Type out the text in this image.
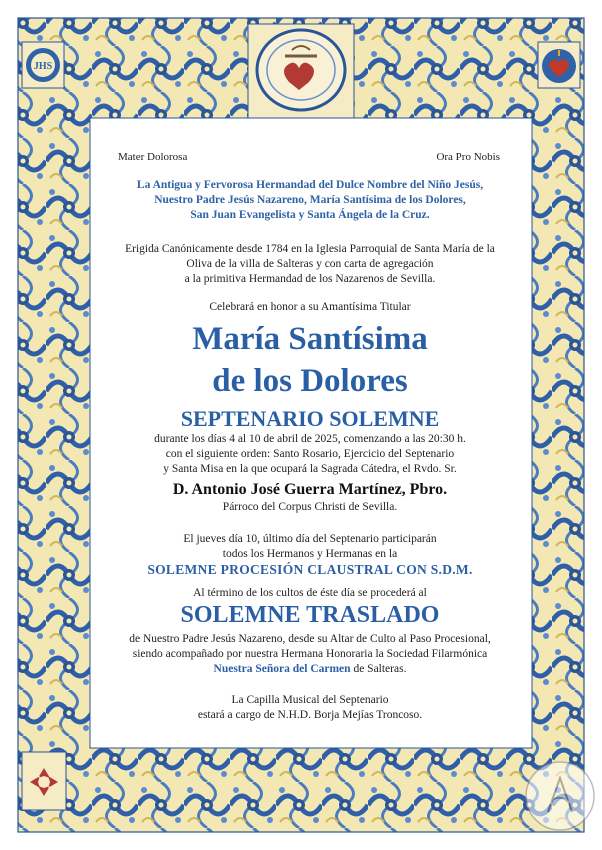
JHS
Mater Dolorosa	Ora Pro Nobis
La Antigua y Fervorosa Hermandad del Dulce Nombre del Niño Jesús,
Nuestro Padre Jesús Nazareno, María Santísima de los Dolores,
San Juan Evangelista y Santa Ángela de la Cruz.
Erigida Canónicamente desde 1784 en la Iglesia Parroquial de Santa María de la
Oliva de la villa de Salteras y con carta de agregación
a la primitiva Hermandad de los Nazarenos de Sevilla.
Celebrará en honor a su Amantísima Titular
María Santísima
de los Dolores
SEPTENARIO SOLEMNE
durante los días 4 al 10 de abril de 2025, comenzando a las 20:30 h.
con el siguiente orden: Santo Rosario, Ejercicio del Septenario
y Santa Misa en la que ocupará la Sagrada Cátedra, el Rvdo. Sr.
D. Antonio José Guerra Martínez, Pbro.
Párroco del Corpus Christi de Sevilla.
El jueves día 10, último día del Septenario participarán
todos los Hermanos y Hermanas en la
SOLEMNE PROCESIÓN CLAUSTRAL CON S.D.M.
Al término de los cultos de éste día se procederá al
SOLEMNE TRASLADO
de Nuestro Padre Jesús Nazareno, desde su Altar de Culto al Paso Procesional,
siendo acompañado por nuestra Hermana Honoraria la Sociedad Filarmónica
Nuestra Señora del Carmen de Salteras.
La Capilla Musical del Septenario
estará a cargo de N.H.D. Borja Mejías Troncoso.
